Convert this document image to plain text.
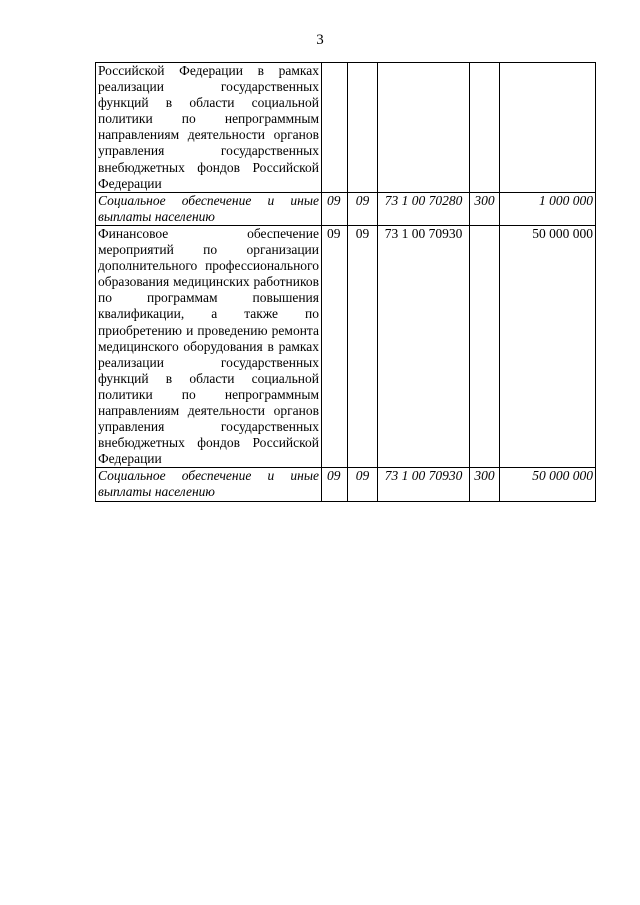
3
Российской Федерации в рамках реализации государственных функций в области социальной политики по непрограммным направлениям деятельности органов управления государственных внебюджетных фондов Российской Федерации					
Социальное обеспечение и иные выплаты населению	09	09	73 1 00 70280	300	1 000 000
Финансовое обеспечение мероприятий по организации дополнительного профессионального образования медицинских работников по программам повышения квалификации, а также по приобретению и проведению ремонта медицинского оборудования в рамках реализации государственных функций в области социальной политики по непрограммным направлениям деятельности органов управления государственных внебюджетных фондов Российской Федерации	09	09	73 1 00 70930		50 000 000
Социальное обеспечение и иные выплаты населению	09	09	73 1 00 70930	300	50 000 000
